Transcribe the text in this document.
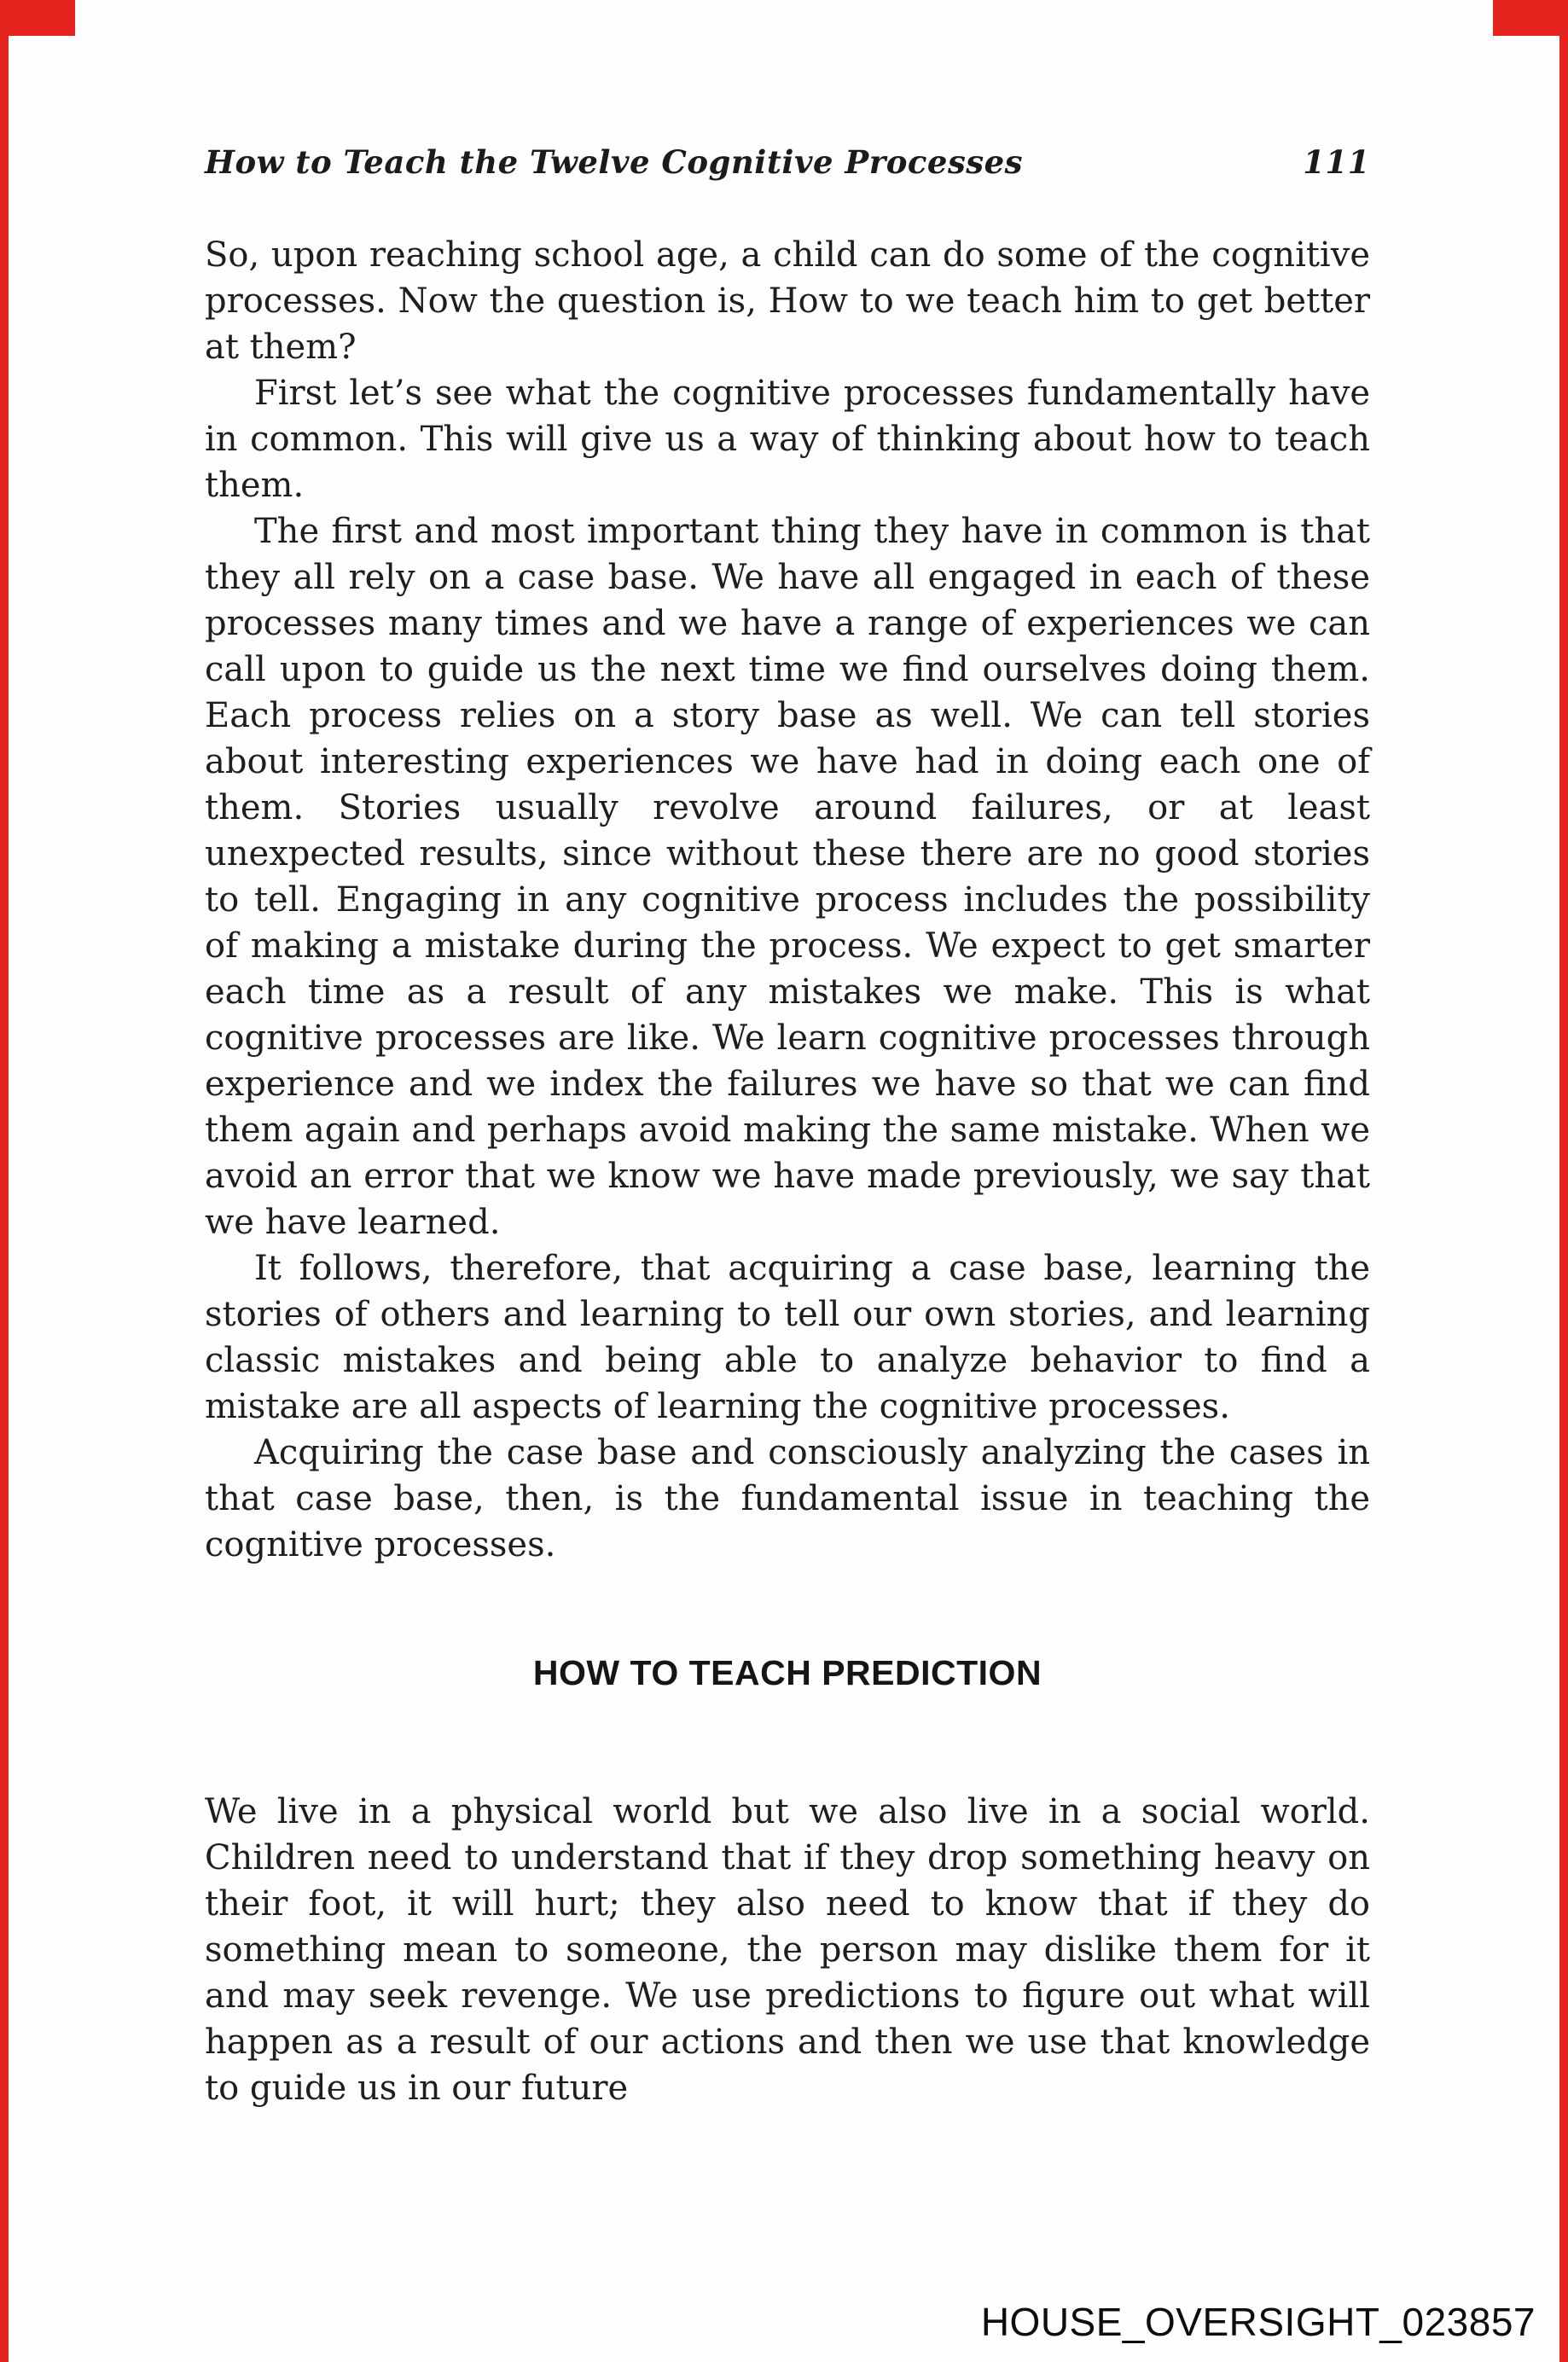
How to Teach the Twelve Cognitive Processes	111

So, upon reaching school age, a child can do some of the cognitive processes. Now the question is, How to we teach him to get better at them?

First let’s see what the cognitive processes fundamentally have in common. This will give us a way of thinking about how to teach them.

The first and most important thing they have in common is that they all rely on a case base. We have all engaged in each of these processes many times and we have a range of experiences we can call upon to guide us the next time we find ourselves doing them. Each process relies on a story base as well. We can tell stories about interesting experiences we have had in doing each one of them. Stories usually revolve around failures, or at least unexpected results, since without these there are no good stories to tell. Engaging in any cognitive process includes the possibility of making a mistake during the process. We expect to get smarter each time as a result of any mistakes we make. This is what cognitive processes are like. We learn cognitive processes through experience and we index the failures we have so that we can find them again and perhaps avoid making the same mistake. When we avoid an error that we know we have made previously, we say that we have learned.

It follows, therefore, that acquiring a case base, learning the stories of others and learning to tell our own stories, and learning classic mistakes and being able to analyze behavior to find a mistake are all aspects of learning the cognitive processes.

Acquiring the case base and consciously analyzing the cases in that case base, then, is the fundamental issue in teaching the cognitive processes.

HOW TO TEACH PREDICTION

We live in a physical world but we also live in a social world. Children need to understand that if they drop something heavy on their foot, it will hurt; they also need to know that if they do something mean to someone, the person may dislike them for it and may seek revenge. We use predictions to figure out what will happen as a result of our actions and then we use that knowledge to guide us in our future

HOUSE_OVERSIGHT_023857
